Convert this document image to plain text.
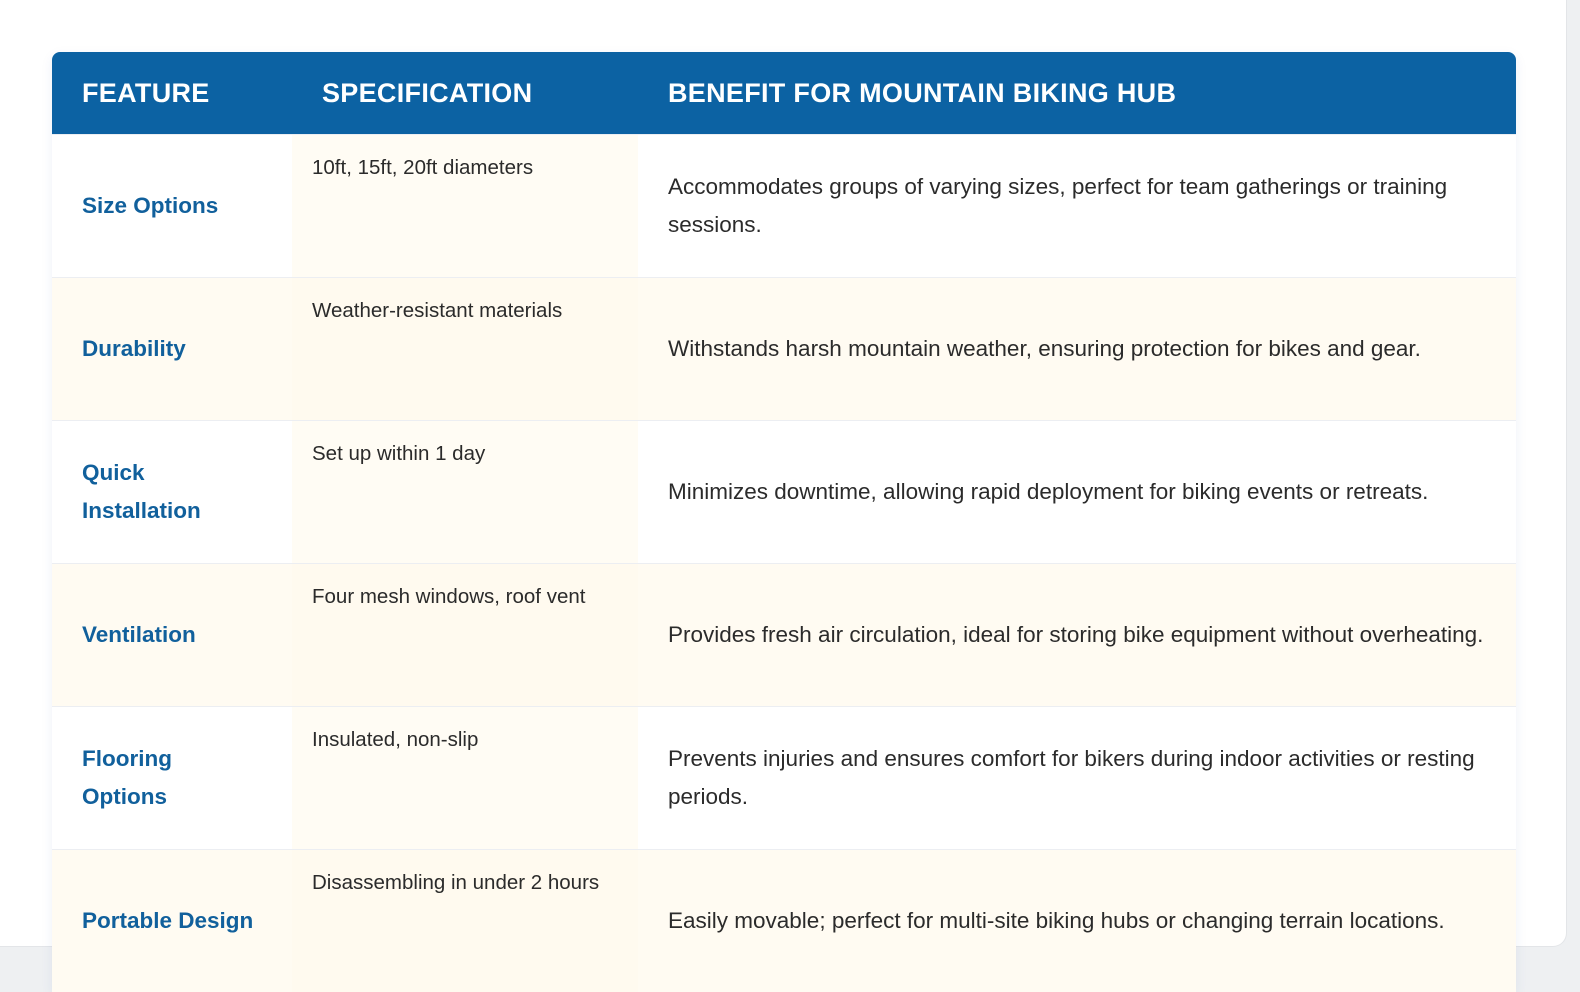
FEATURE	SPECIFICATION	BENEFIT FOR MOUNTAIN BIKING HUB
Size Options	10ft, 15ft, 20ft diameters	Accommodates groups of varying sizes, perfect for team gatherings or training sessions.
Durability	Weather-resistant materials	Withstands harsh mountain weather, ensuring protection for bikes and gear.
Quick Installation	Set up within 1 day	Minimizes downtime, allowing rapid deployment for biking events or retreats.
Ventilation	Four mesh windows, roof vent	Provides fresh air circulation, ideal for storing bike equipment without overheating.
Flooring Options	Insulated, non-slip	Prevents injuries and ensures comfort for bikers during indoor activities or resting periods.
Portable Design	Disassembling in under 2 hours	Easily movable; perfect for multi-site biking hubs or changing terrain locations.
